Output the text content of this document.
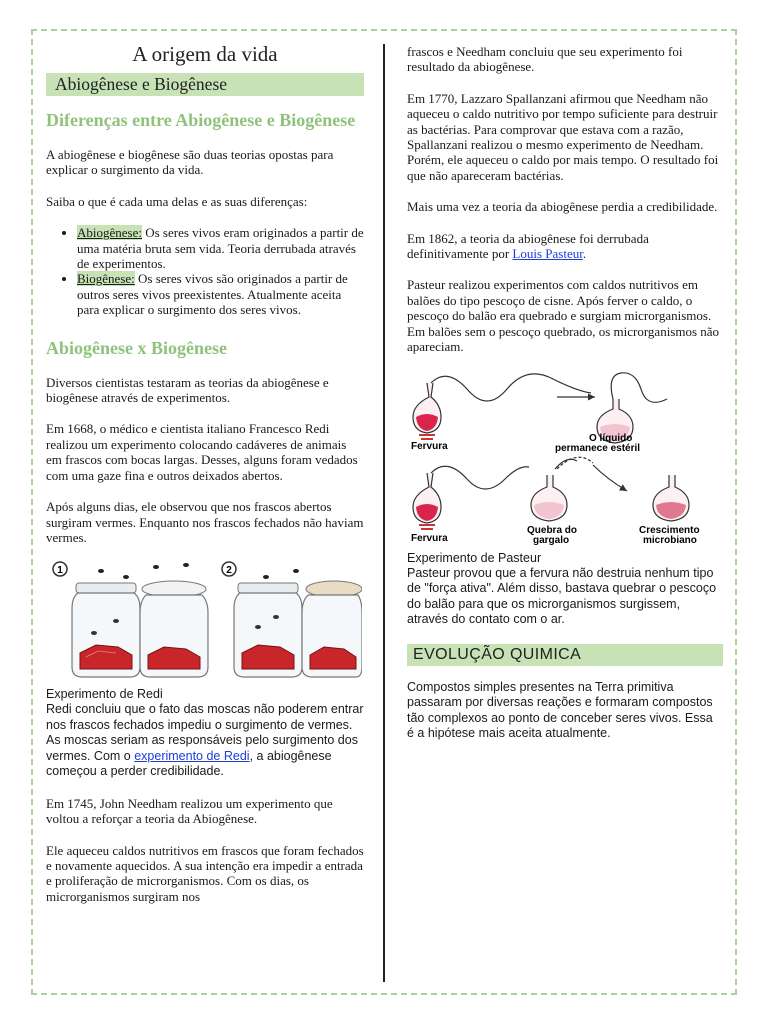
A origem da vida
Abiogênese e Biogênese
Diferenças entre Abiogênese e Biogênese

A abiogênese e biogênese são duas teorias opostas para explicar o surgimento da vida.

Saiba o que é cada uma delas e as suas diferenças:

• Abiogênese: Os seres vivos eram originados a partir de uma matéria bruta sem vida. Teoria derrubada através de experimentos.
• Biogênese: Os seres vivos são originados a partir de outros seres vivos preexistentes. Atualmente aceita para explicar o surgimento dos seres vivos.
Abiogênese x Biogênese

Diversos cientistas testaram as teorias da abiogênese e biogênese através de experimentos.

Em 1668, o médico e cientista italiano Francesco Redi realizou um experimento colocando cadáveres de animais em frascos com bocas largas. Desses, alguns foram vedados com uma gaze fina e outros deixados abertos.

Após alguns dias, ele observou que nos frascos abertos surgiram vermes. Enquanto nos frascos fechados não haviam vermes.

1	2
Experimento de Redi

Redi concluiu que o fato das moscas não poderem entrar nos frascos fechados impediu o surgimento de vermes. As moscas seriam as responsáveis pelo surgimento dos vermes. Com o experimento de Redi, a abiogênese começou a perder credibilidade.

Em 1745, John Needham realizou um experimento que voltou a reforçar a teoria da Abiogênese.

Ele aqueceu caldos nutritivos em frascos que foram fechados e novamente aquecidos. A sua intenção era impedir a entrada e proliferação de microrganismos. Com os dias, os microrganismos surgiram nos

frascos e Needham concluiu que seu experimento foi resultado da abiogênese.

Em 1770, Lazzaro Spallanzani afirmou que Needham não aqueceu o caldo nutritivo por tempo suficiente para destruir as bactérias. Para comprovar que estava com a razão, Spallanzani realizou o mesmo experimento de Needham. Porém, ele aqueceu o caldo por mais tempo. O resultado foi que não apareceram bactérias.

Mais uma vez a teoria da abiogênese perdia a credibilidade.

Em 1862, a teoria da abiogênese foi derrubada definitivamente por Louis Pasteur.

Pasteur realizou experimentos com caldos nutritivos em balões do tipo pescoço de cisne. Após ferver o caldo, o pescoço do balão era quebrado e surgiam microrganismos. Em balões sem o pescoço quebrado, os microrganismos não apareciam.

Fervura
O líquido
permanece estéril
Fervura
Quebra do
gargalo
Crescimento
microbiano
Experimento de Pasteur

Pasteur provou que a fervura não destruia nenhum tipo de "força ativa". Além disso, bastava quebrar o pescoço do balão para que os microrganismos surgissem, através do contato com o ar.

EVOLUÇÃO QUIMICA

Compostos simples presentes na Terra primitiva passaram por diversas reações e formaram compostos tão complexos ao ponto de conceber seres vivos. Essa é a hipótese mais aceita atualmente.
